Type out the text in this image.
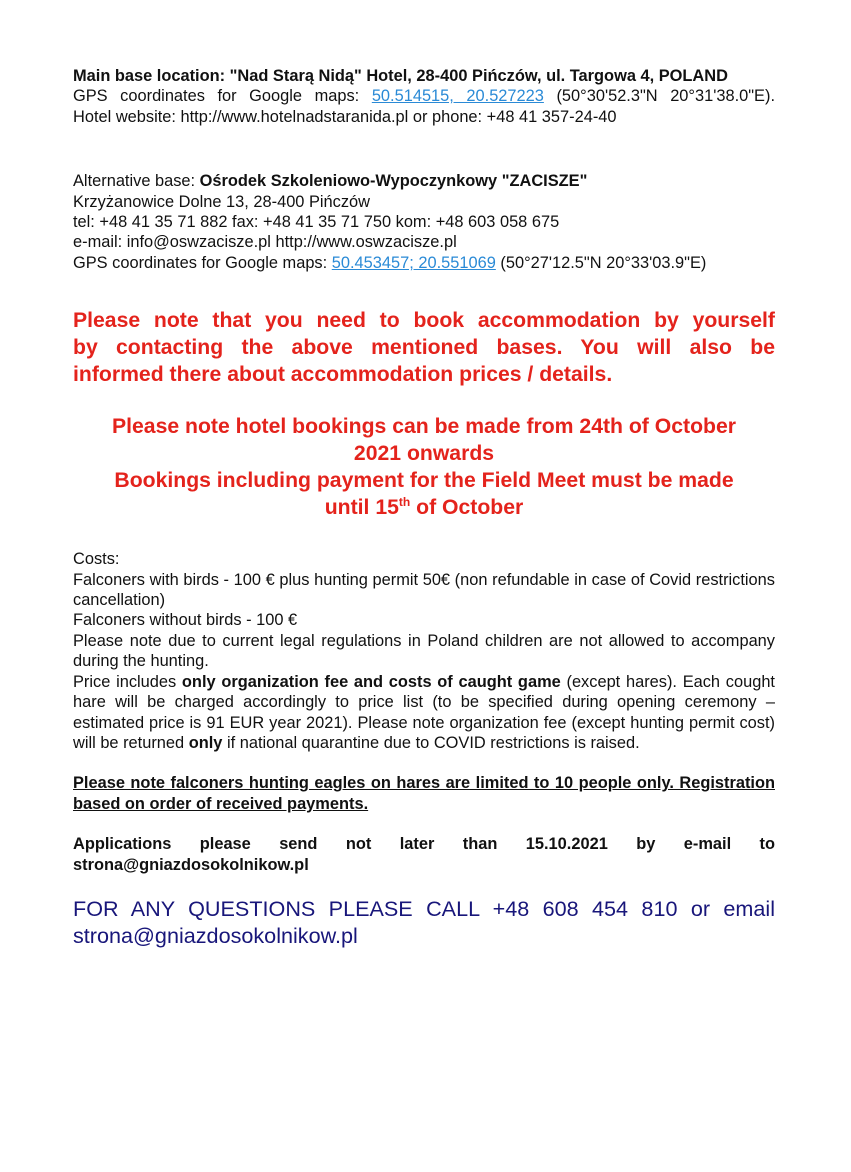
Main base location: "Nad Starą Nidą" Hotel, 28-400 Pińczów, ul. Targowa 4, POLAND
GPS coordinates for Google maps: 50.514515, 20.527223 (50°30'52.3"N 20°31'38.0"E).
Hotel website: http://www.hotelnadstaranida.pl or phone: +48 41 357-24-40
Alternative base: Ośrodek Szkoleniowo-Wypoczynkowy "ZACISZE"
Krzyżanowice Dolne 13, 28-400 Pińczów
tel: +48 41 35 71 882 fax: +48 41 35 71 750 kom: +48 603 058 675
e-mail: info@oswzacisze.pl http://www.oswzacisze.pl
GPS coordinates for Google maps: 50.453457; 20.551069 (50°27'12.5"N 20°33'03.9"E)
Please note that you need to book accommodation by yourself
by contacting the above mentioned bases. You will also be
informed there about accommodation prices / details.
Please note hotel bookings can be made from 24th of October
2021 onwards
Bookings including payment for the Field Meet must be made
until 15th of October
Costs:
Falconers with birds - 100 € plus hunting permit 50€ (non refundable in case of Covid restrictions cancellation)
Falconers without birds - 100 €
Please note due to current legal regulations in Poland children are not allowed to accompany during the hunting.
Price includes only organization fee and costs of caught game (except hares). Each cought hare will be charged accordingly to price list (to be specified during opening ceremony – estimated price is 91 EUR year 2021). Please note organization fee (except hunting permit cost) will be returned only if national quarantine due to COVID restrictions is raised.
Please note falconers hunting eagles on hares are limited to 10 people only. Registration based on order of received payments.
Applications please send not later than 15.10.2021 by e-mail to strona@gniazdosokolnikow.pl
FOR ANY QUESTIONS PLEASE CALL +48 608 454 810 or email strona@gniazdosokolnikow.pl
